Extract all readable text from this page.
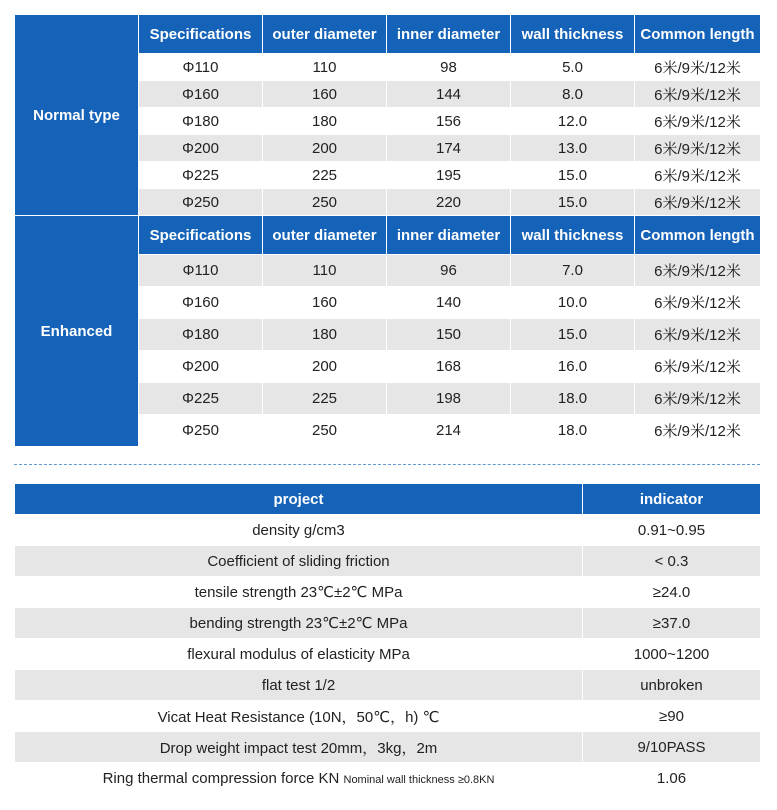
Normal type	Specifications	outer diameter	inner diameter	wall thickness	Common length
	Φ110	110	98	5.0	6米/9米/12米
	Φ160	160	144	8.0	6米/9米/12米
	Φ180	180	156	12.0	6米/9米/12米
	Φ200	200	174	13.0	6米/9米/12米
	Φ225	225	195	15.0	6米/9米/12米
	Φ250	250	220	15.0	6米/9米/12米
Enhanced	Specifications	outer diameter	inner diameter	wall thickness	Common length
	Φ110	110	96	7.0	6米/9米/12米
	Φ160	160	140	10.0	6米/9米/12米
	Φ180	180	150	15.0	6米/9米/12米
	Φ200	200	168	16.0	6米/9米/12米
	Φ225	225	198	18.0	6米/9米/12米
	Φ250	250	214	18.0	6米/9米/12米
project	indicator
density g/cm3	0.91~0.95
Coefficient of sliding friction	< 0.3
tensile strength 23℃±2℃ MPa	≥24.0
bending strength 23℃±2℃ MPa	≥37.0
flexural modulus of elasticity MPa	1000~1200
flat test 1/2	unbroken
Vicat Heat Resistance (10N，50℃，h) ℃	≥90
Drop weight impact test 20mm，3kg，2m	9/10PASS
Ring thermal compression force KN Nominal wall thickness ≥0.8KN	1.06
